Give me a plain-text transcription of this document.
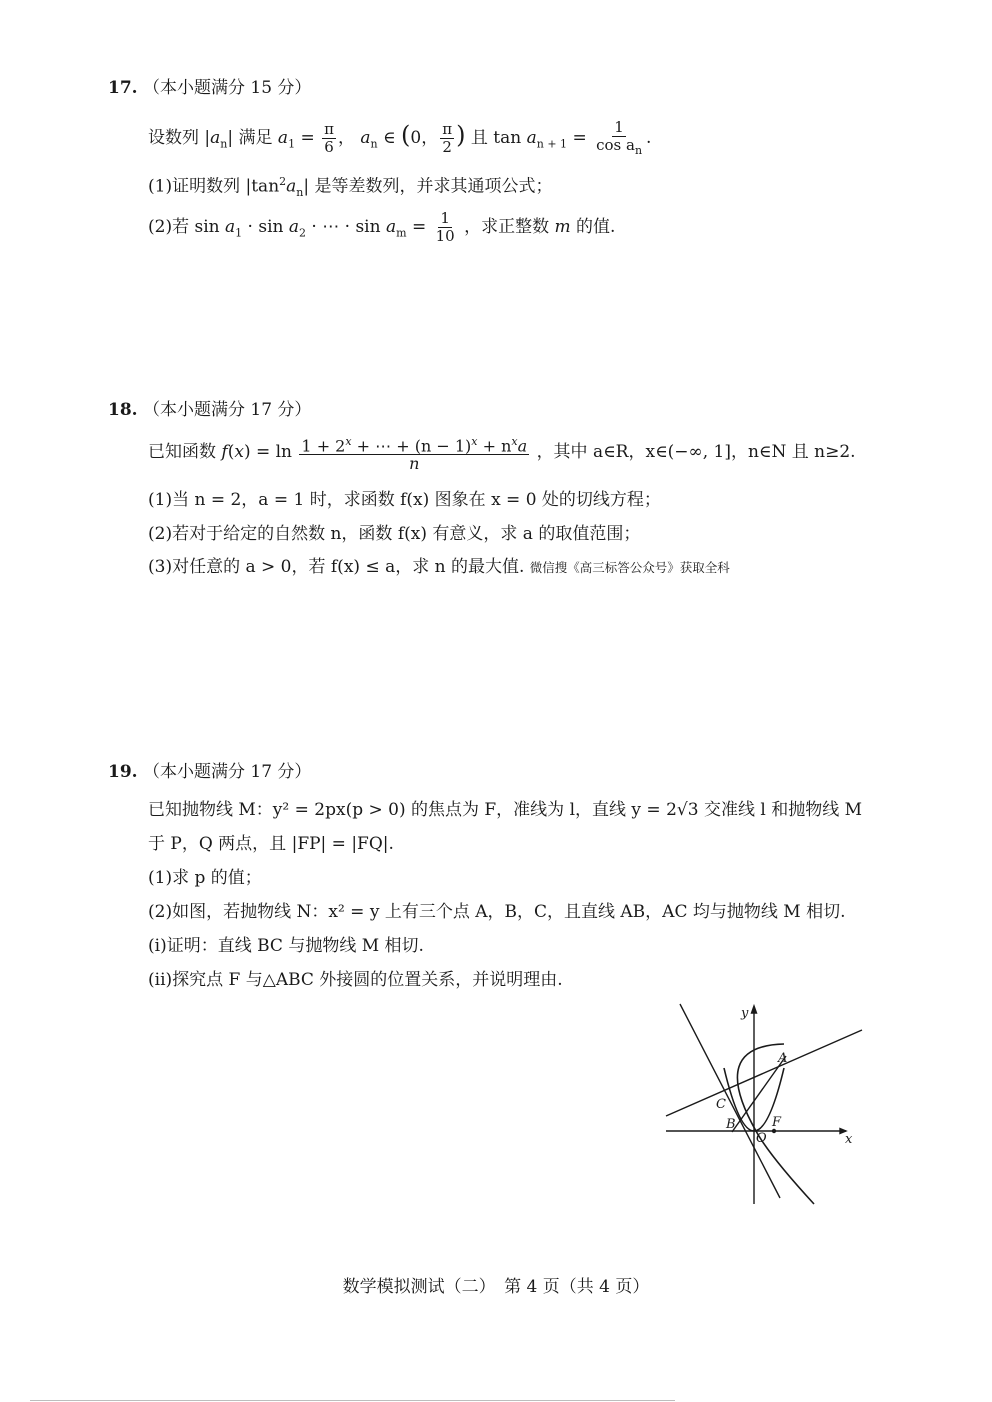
17. （本小题满分 15 分）
设数列 $|a_n|$ 满足 $a_1 = \frac{\pi}{6}$ ， $a_n$ ∈ (0， $\frac{\pi}{2}$ ) 且 $\tan a_{n + 1} = \frac{1}{\cos a_n}$ .
(1)证明数列 $|\tan^2a_n|$ 是等差数列，并求其通项公式；
(2)若 $\sin a_1 \cdot \sin a_2$ · ⋯ · $\sin a_m = \frac{1}{10}$ ，求正整数 m 的值.
18. （本小题满分 17 分）
已知函数 $f(x) = \ln \frac{1 + 2^x + \cdots + (n - 1)^x + n^xa}{n}$ ，其中 a∈R，x∈(−∞, 1]，n∈N 且 n≥2.
(1)当 n = 2，a = 1 时，求函数 f(x) 图象在 x = 0 处的切线方程；
(2)若对于给定的自然数 n，函数 f(x) 有意义，求 a 的取值范围；
(3)对任意的 a > 0，若 f(x) ≤ a，求 n 的最大值. 微信搜《高三标答公众号》获取全科
19. （本小题满分 17 分）
已知抛物线 M：y² = 2px(p > 0) 的焦点为 F，准线为 l，直线 y = 2√3 交准线 l 和抛物线 M
于 P，Q 两点，且 |FP| = |FQ|.
(1)求 p 的值；
(2)如图，若抛物线 N：x² = y 上有三个点 A，B，C，且直线 AB，AC 均与抛物线 M 相切.
(i)证明：直线 BC 与抛物线 M 相切.
(ii)探究点 F 与△ABC 外接圆的位置关系，并说明理由.
y
x
A
C
B
O
F
数学模拟测试（二）　第 4 页（共 4 页）
